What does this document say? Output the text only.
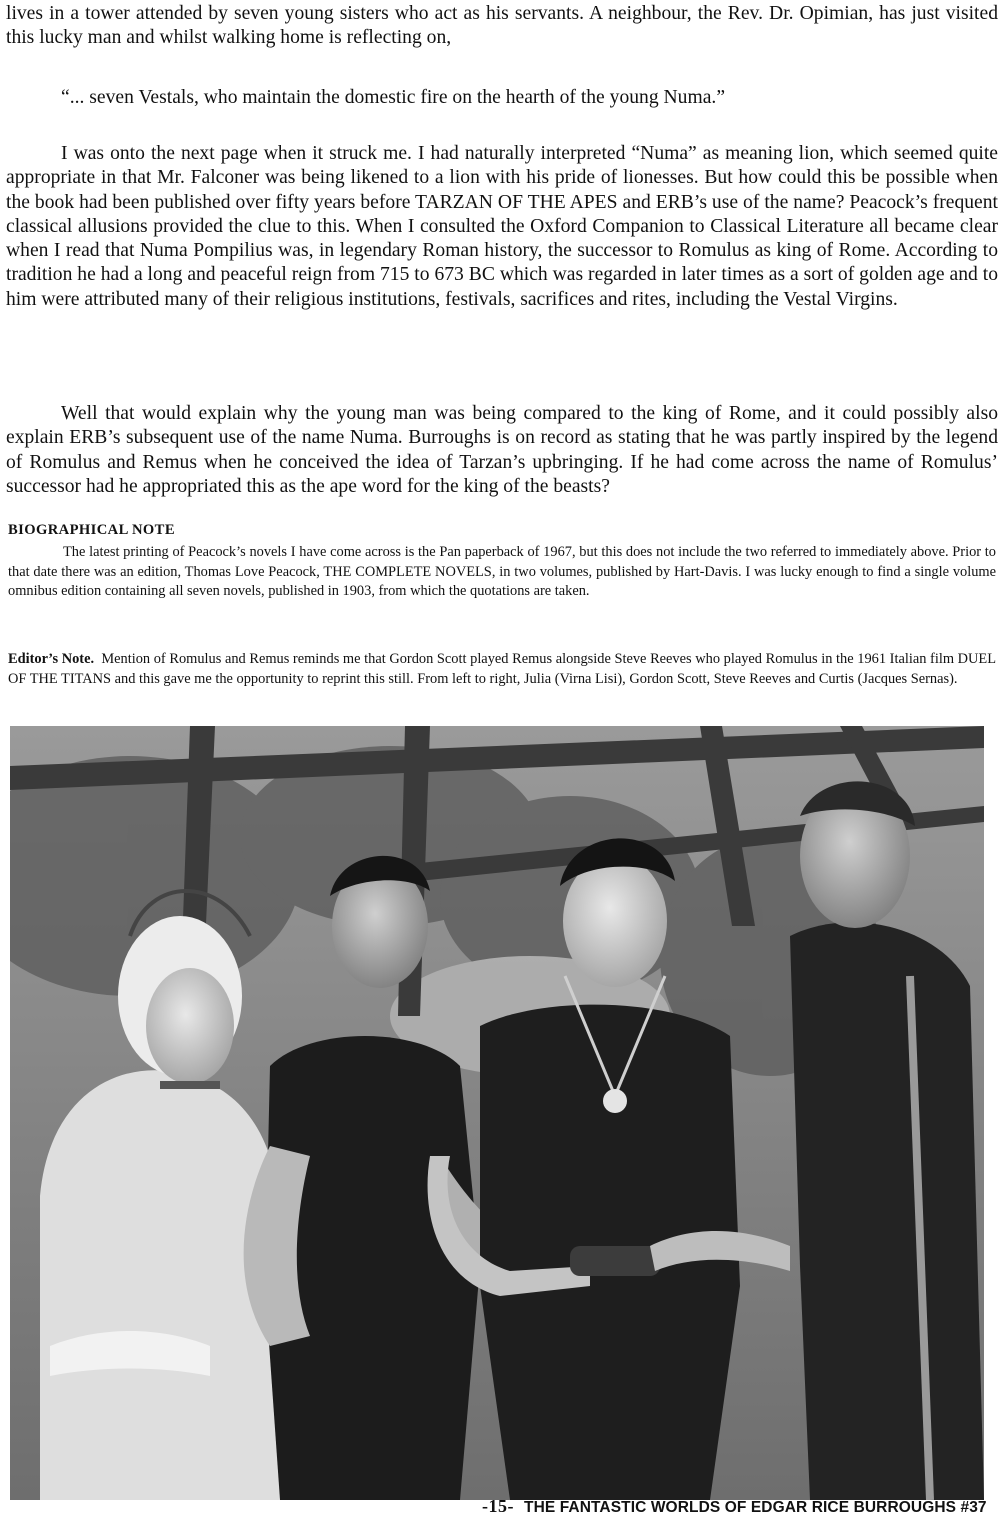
lives in a tower attended by seven young sisters who act as his servants. A neighbour, the Rev. Dr. Opimian, has just visited this lucky man and whilst walking home is reflecting on,

“... seven Vestals, who maintain the domestic fire on the hearth of the young Numa.”

I was onto the next page when it struck me. I had naturally interpreted “Numa” as meaning lion, which seemed quite appropriate in that Mr. Falconer was being likened to a lion with his pride of lionesses. But how could this be possible when the book had been published over fifty years before TARZAN OF THE APES and ERB’s use of the name? Peacock’s frequent classical allusions provided the clue to this. When I consulted the Oxford Companion to Classical Literature all became clear when I read that Numa Pompilius was, in legendary Roman history, the successor to Romulus as king of Rome. According to tradition he had a long and peaceful reign from 715 to 673 BC which was regarded in later times as a sort of golden age and to him were attributed many of their religious institutions, festivals, sacrifices and rites, including the Vestal Virgins.

Well that would explain why the young man was being compared to the king of Rome, and it could possibly also explain ERB’s subsequent use of the name Numa. Burroughs is on record as stating that he was partly inspired by the legend of Romulus and Remus when he conceived the idea of Tarzan’s upbringing. If he had come across the name of Romulus’ successor had he appropriated this as the ape word for the king of the beasts?

BIOGRAPHICAL NOTE

The latest printing of Peacock’s novels I have come across is the Pan paperback of 1967, but this does not include the two referred to immediately above. Prior to that date there was an edition, Thomas Love Peacock, THE COMPLETE NOVELS, in two volumes, published by Hart-Davis. I was lucky enough to find a single volume omnibus edition containing all seven novels, published in 1903, from which the quotations are taken.

Editor’s Note. Mention of Romulus and Remus reminds me that Gordon Scott played Remus alongside Steve Reeves who played Romulus in the 1961 Italian film DUEL OF THE TITANS and this gave me the opportunity to reprint this still. From left to right, Julia (Virna Lisi), Gordon Scott, Steve Reeves and Curtis (Jacques Sernas).

-15- THE FANTASTIC WORLDS OF EDGAR RICE BURROUGHS #37
